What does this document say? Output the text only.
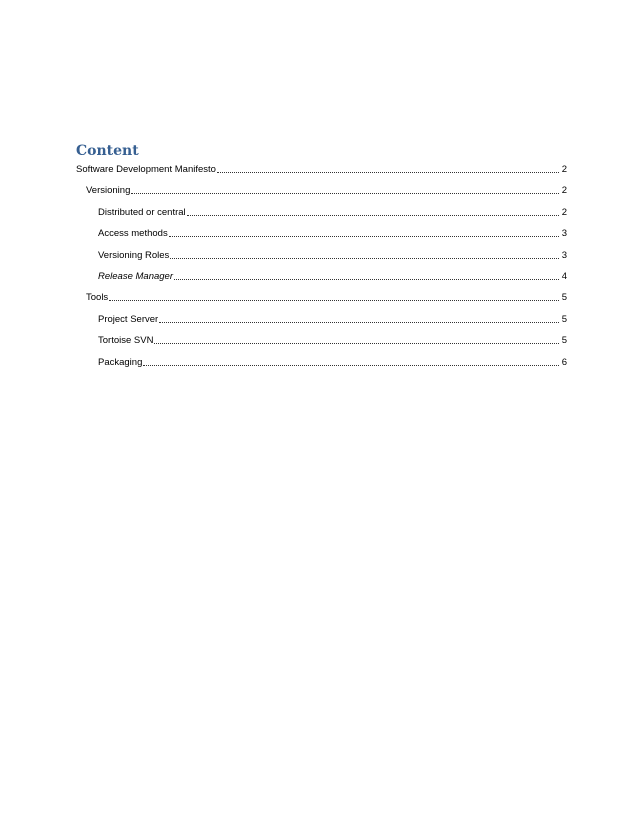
Content
Software Development Manifesto	2
Versioning	2
Distributed or central	2
Access methods	3
Versioning Roles	3
Release Manager	4
Tools	5
Project Server	5
Tortoise SVN	5
Packaging	6
